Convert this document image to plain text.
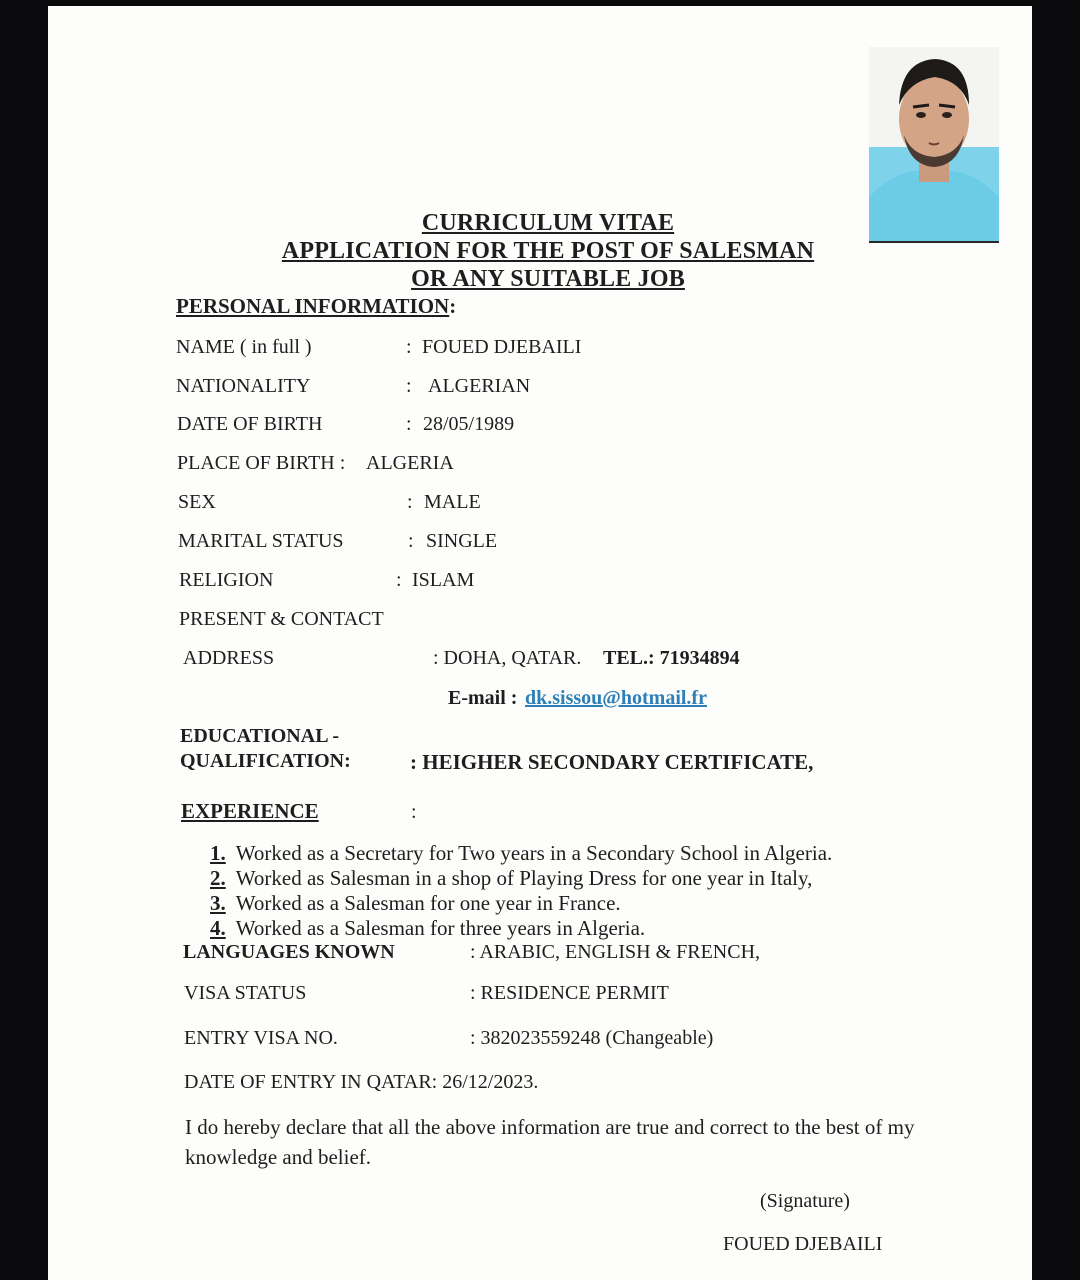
CURRICULUM VITAE
APPLICATION FOR THE POST OF SALESMAN
OR ANY SUITABLE JOB
PERSONAL INFORMATION:
NAME ( in full )	: FOUED DJEBAILI
NATIONALITY	: ALGERIAN
DATE OF BIRTH	: 28/05/1989
PLACE OF BIRTH : ALGERIA
SEX	: MALE
MARITAL STATUS	: SINGLE
RELIGION	: ISLAM
PRESENT & CONTACT
ADDRESS	: DOHA, QATAR. TEL.: 71934894
E-mail : dk.sissou@hotmail.fr
EDUCATIONAL -
QUALIFICATION:	: HEIGHER SECONDARY CERTIFICATE,
EXPERIENCE	:
1. Worked as a Secretary for Two years in a Secondary School in Algeria.
2. Worked as Salesman in a shop of Playing Dress for one year in Italy,
3. Worked as a Salesman for one year in France.
4. Worked as a Salesman for three years in Algeria.
LANGUAGES KNOWN	: ARABIC, ENGLISH & FRENCH,
VISA STATUS	: RESIDENCE PERMIT
ENTRY VISA NO.	: 382023559248 (Changeable)
DATE OF ENTRY IN QATAR: 26/12/2023.
I do hereby declare that all the above information are true and correct to the best of my knowledge and belief.
(Signature)
FOUED DJEBAILI
